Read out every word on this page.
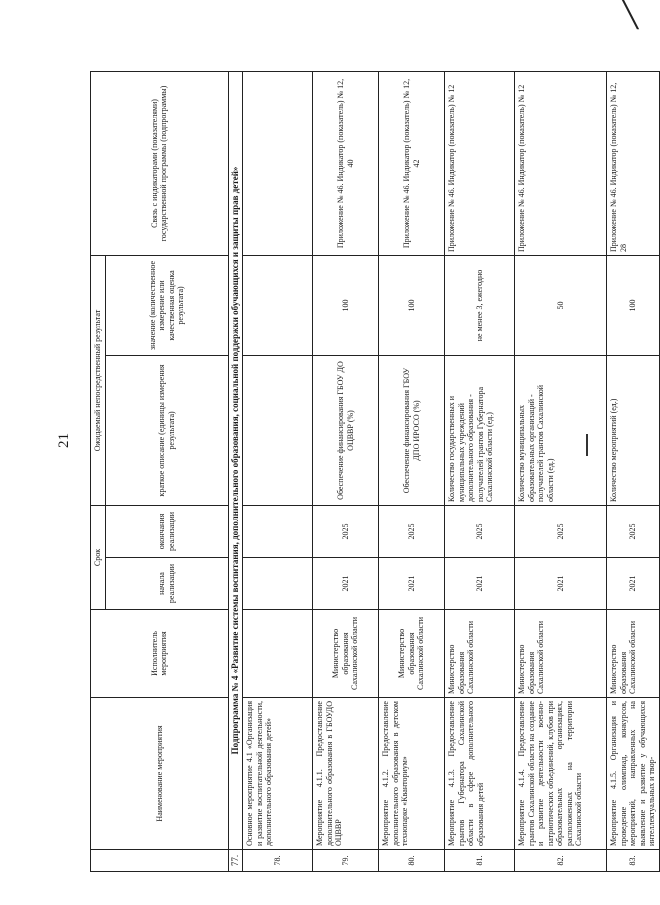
╲
21
	Наименование мероприятия	Исполнитель мероприятия	Срок		Ожидаемый непосредственный результат		Связь с индикаторами (показателями) государственной программы (подпрограммы)
			начала реализации	окончания реализации	краткое описание (единицы измерения результата)	значение (количественное измерение или качественная оценка результата)	
77.	Подпрограмма № 4 «Развитие системы воспитания, дополнительного образования, социальной поддержки обучающихся и защиты прав детей»						
78.	Основное мероприятие 4.1 «Организация и развитие воспитательной деятельности, дополнительного образования детей»						
79.	Мероприятие 4.1.1. Предоставление дополнительного образования в ГБОУДО ОЦВВР	Министерство образования Сахалинской области	2021	2025	Обеспечение финансирования ГБОУ ДО ОЦВВР (%)	100	Приложение № 46. Индикатор (показатель) № 12, 40
80.	Мероприятие 4.1.2. Предоставление дополнительного образования в детском технопарке «Кванториум»	Министерство образования Сахалинской области	2021	2025	Обеспечение финансирования ГБОУ ДПО ИРОСО (%)	100	Приложение № 46. Индикатор (показатель) № 12, 42
81.	Мероприятие 4.1.3. Предоставление грантов Губернатора Сахалинской области в сфере дополнительного образования детей	Министерство образования Сахалинской области	2021	2025	Количество государственных и муниципальных учреждений дополнительного образования - получателей грантов Губернатора Сахалинской области (ед.)	не менее 3, ежегодно	Приложение № 46. Индикатор (показатель) № 12
82.	Мероприятие 4.1.4. Предоставление грантов Сахалинской области на создание и развитие деятельности военно-патриотических объединений, клубов при образовательных организациях, расположенных на территории Сахалинской области	Министерство образования Сахалинской области	2021	2025	Количество муниципальных образовательных организаций - получателей грантов Сахалинской области (ед.)	50	Приложение № 46. Индикатор (показатель) № 12
83.	Мероприятие 4.1.5. Организация и проведение олимпиад, конкурсов, мероприятий, направленных на выявление и развитие у обучающихся интеллектуальных и твор-	Министерство образования Сахалинской области	2021	2025	Количество мероприятий (ед.)	100	Приложение № 46. Индикатор (показатель) № 12, 28
